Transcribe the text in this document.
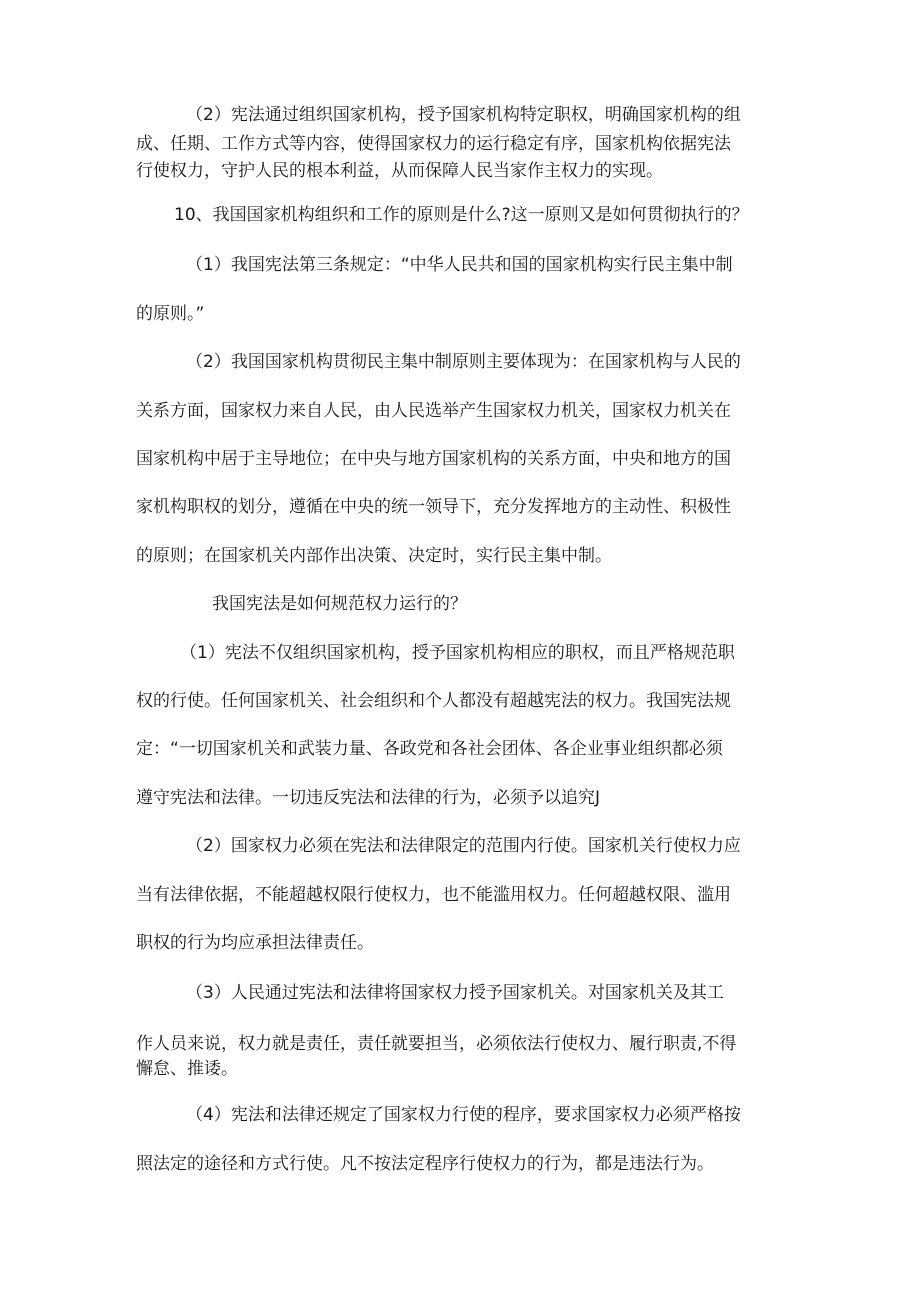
（2）宪法通过组织国家机构，授予国家机构特定职权，明确国家机构的组
成、任期、工作方式等内容，使得国家权力的运行稳定有序，国家机构依据宪法
行使权力，守护人民的根本利益，从而保障人民当家作主权力的实现。
10、我国国家机构组织和工作的原则是什么?这一原则又是如何贯彻执行的？
（1）我国宪法第三条规定：“中华人民共和国的国家机构实行民主集中制
的原则。”
（2）我国国家机构贯彻民主集中制原则主要体现为：在国家机构与人民的
关系方面，国家权力来自人民，由人民选举产生国家权力机关，国家权力机关在
国家机构中居于主导地位；在中央与地方国家机构的关系方面，中央和地方的国
家机构职权的划分，遵循在中央的统一领导下，充分发挥地方的主动性、积极性
的原则；在国家机关内部作出决策、决定时，实行民主集中制。
我国宪法是如何规范权力运行的？
（1）宪法不仅组织国家机构，授予国家机构相应的职权，而且严格规范职
权的行使。任何国家机关、社会组织和个人都没有超越宪法的权力。我国宪法规
定：“一切国家机关和武装力量、各政党和各社会团体、各企业事业组织都必须
遵守宪法和法律。一切违反宪法和法律的行为，必须予以追究J
（2）国家权力必须在宪法和法律限定的范围内行使。国家机关行使权力应
当有法律依据，不能超越权限行使权力，也不能滥用权力。任何超越权限、滥用
职权的行为均应承担法律责任。
（3）人民通过宪法和法律将国家权力授予国家机关。对国家机关及其工
作人员来说，权力就是责任，责任就要担当，必须依法行使权力、履行职责,不得
懈怠、推诿。
（4）宪法和法律还规定了国家权力行使的程序，要求国家权力必须严格按
照法定的途径和方式行使。凡不按法定程序行使权力的行为，都是违法行为。
